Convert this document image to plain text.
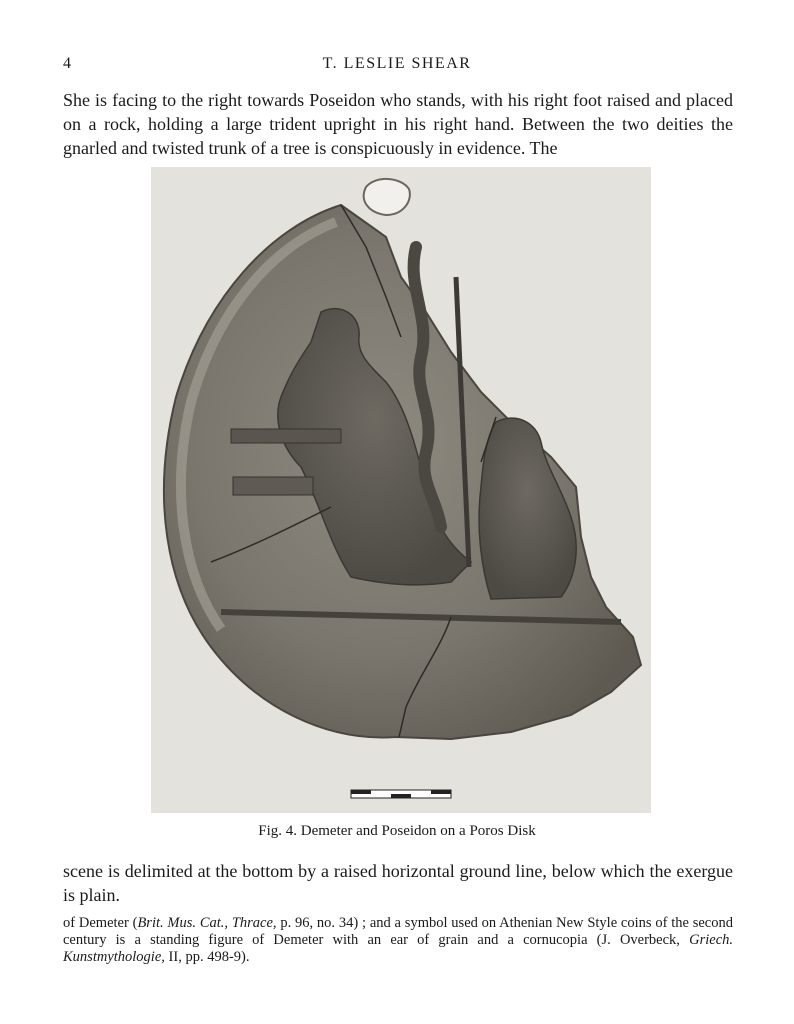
4	T. LESLIE SHEAR

She is facing to the right towards Poseidon who stands, with his right foot raised and placed on a rock, holding a large trident upright in his right hand. Between the two deities the gnarled and twisted trunk of a tree is conspicuously in evidence. The

Fig. 4. Demeter and Poseidon on a Poros Disk

scene is delimited at the bottom by a raised horizontal ground line, below which the exergue is plain.

of Demeter (Brit. Mus. Cat., Thrace, p. 96, no. 34) ; and a symbol used on Athenian New Style coins of the second century is a standing figure of Demeter with an ear of grain and a cornucopia (J. Overbeck, Griech. Kunstmythologie, II, pp. 498-9).
